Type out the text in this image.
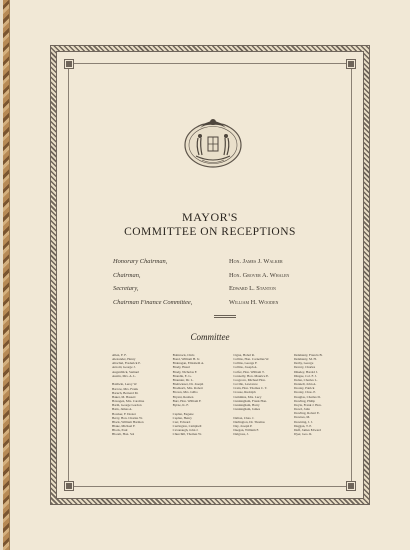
MAYOR'S
COMMITTEE ON RECEPTIONS
Honorary Chairman,	Hon. James J. Walker
Chairman,	Hon. Grover A. Whalen
Secretary,	Edward L. Stanton
Chairman Finance Committee,	William H. Wooden
Committee
Allen, F. F.
Alexander, Henry
Altschul, Frederick P.
Arnold, George J.
Augenblick, Samuel
Austin, Mrs. A. L.
Baldwin, Leroy W.
Barrow, Mrs. Frank
Baruch, Bernard M.
Baker, M. Bassett
Bawagen, Mrs. Caroline
Barth, George Gordon
Batts, James A.
Bowker, F. Doster
Berry, Hon. Charles W.
Black, William Harmon
Blake, Michael F.
Block, Paul
Bloom, Hon. Sol
Bohnrock, Chris
Bond, William H. Jr.
Brainagan, Elizabeth A.
Brady, Hazel
Brady, Nicholas F.
Brandle, E. G.
Braunier, Dr. L.
Breitwieser, Dr. Joseph
Brodkorb, Mrs. Robert
Brown, Mrs. Gilbo
Bryant, Reuben
Burr, Hon. William F.
Byrne, K. F.
Caplan, Eugene
Caplan, Henry
Carr, Edward
Carrington, Campbell
Cavanaugh, John J.
Churchill, Thomas W.
Cigna, Hobel R.
Collins, Hon. Cornelius W.
Collins, George F.
Collins, Joseph A.
Colfer, Hon. William T.
Connolly, Hon. Maurice E.
Cosgrove, Michael Hon.
Coville, Lawrence
Crain, Hon. Thomas C. T.
Crouse, Rudolph
Cummins, Mrs. Lucy
Cunningham, Frank Hon.
Cunningham, Harry
Cunningham, James
Dalton, Chas. J.
Darlington, Dr. Thomas
Day, Joseph P.
Deegan, William F.
Delgross, J.
Delehanty, Francis B.
Delehanty, M. H.
Derby, George
Devery, Charles
Dikeley, Harold J.
Dingee, Col. F. J.
Dolan, Charles L.
Donnell, John A.
Dooley, Patrick
Dooley, Chas. P.
Douglas, Charles D.
Dowling, Philip
Doyle, Frank J. Hon.
Dowd, John
Dowling, Robert E.
Downes, M.
Downing, J. J.
Duggan, T. P.
Duff, James Edward
Dyer, Geo. R.
